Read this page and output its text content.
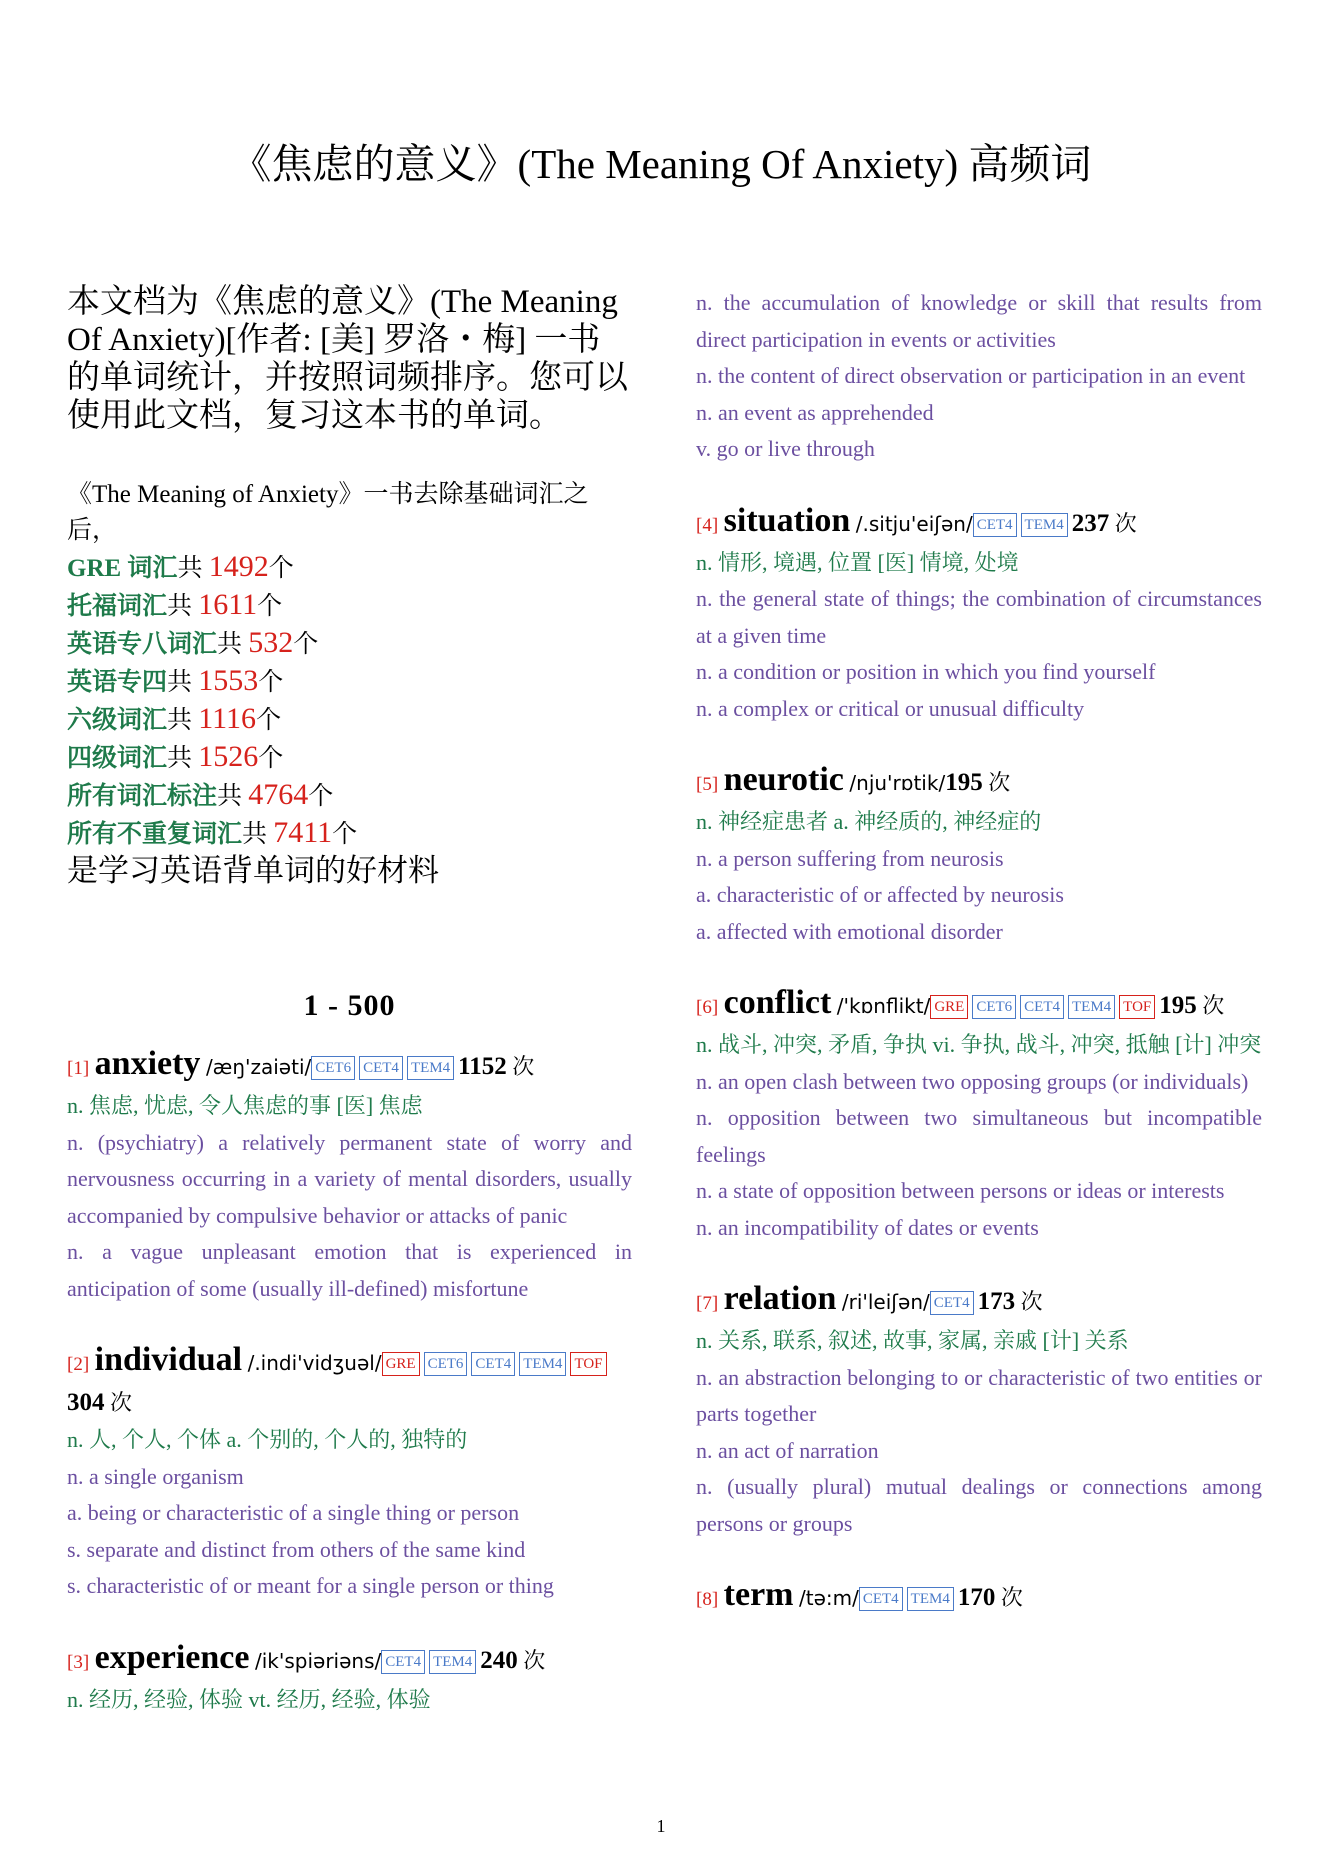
《焦虑的意义》(The Meaning Of Anxiety) 高频词
本文档为《焦虑的意义》(The Meaning Of Anxiety)[作者: [美] 罗洛・梅] 一书的单词统计，并按照词频排序。您可以使用此文档，复习这本书的单词。
《The Meaning of Anxiety》一书去除基础词汇之后，
GRE 词汇共 1492个
托福词汇共 1611个
英语专八词汇共 532个
英语专四共 1553个
六级词汇共 1116个
四级词汇共 1526个
所有词汇标注共 4764个
所有不重复词汇共 7411个
是学习英语背单词的好材料
1 - 500
[1] anxiety /æŋ'zaiəti/ CET6 CET4 TEM4 1152 次
n. 焦虑, 忧虑, 令人焦虑的事 [医] 焦虑
n. (psychiatry) a relatively permanent state of worry and nervousness occurring in a variety of mental disorders, usually accompanied by compulsive behavior or attacks of panic
n. a vague unpleasant emotion that is experienced in anticipation of some (usually ill-defined) misfortune
[2] individual /.indi'vidʒuəl/ GRE CET6 CET4 TEM4 TOF304 次
n. 人, 个人, 个体 a. 个别的, 个人的, 独特的
n. a single organism
a. being or characteristic of a single thing or person
s. separate and distinct from others of the same kind
s. characteristic of or meant for a single person or thing
[3] experience /ik'spiəriəns/ CET4 TEM4 240 次
n. 经历, 经验, 体验 vt. 经历, 经验, 体验
n. the accumulation of knowledge or skill that results from direct participation in events or activities
n. the content of direct observation or participation in an event
n. an event as apprehended
v. go or live through
[4] situation /.sitju'eiʃən/ CET4 TEM4 237 次
n. 情形, 境遇, 位置 [医] 情境, 处境
n. the general state of things; the combination of circumstances at a given time
n. a condition or position in which you find yourself
n. a complex or critical or unusual difficulty
[5] neurotic /nju'rɒtik/195 次
n. 神经症患者 a. 神经质的, 神经症的
n. a person suffering from neurosis
a. characteristic of or affected by neurosis
a. affected with emotional disorder
[6] conflict /'kɒnflikt/ GRE CET6 CET4 TEM4 TOF 195 次
n. 战斗, 冲突, 矛盾, 争执 vi. 争执, 战斗, 冲突, 抵触 [计] 冲突
n. an open clash between two opposing groups (or individuals)
n. opposition between two simultaneous but incompatible feelings
n. a state of opposition between persons or ideas or interests
n. an incompatibility of dates or events
[7] relation /ri'leiʃən/ CET4 173 次
n. 关系, 联系, 叙述, 故事, 家属, 亲戚 [计] 关系
n. an abstraction belonging to or characteristic of two entities or parts together
n. an act of narration
n. (usually plural) mutual dealings or connections among persons or groups
[8] term /tə:m/ CET4 TEM4 170 次
1
